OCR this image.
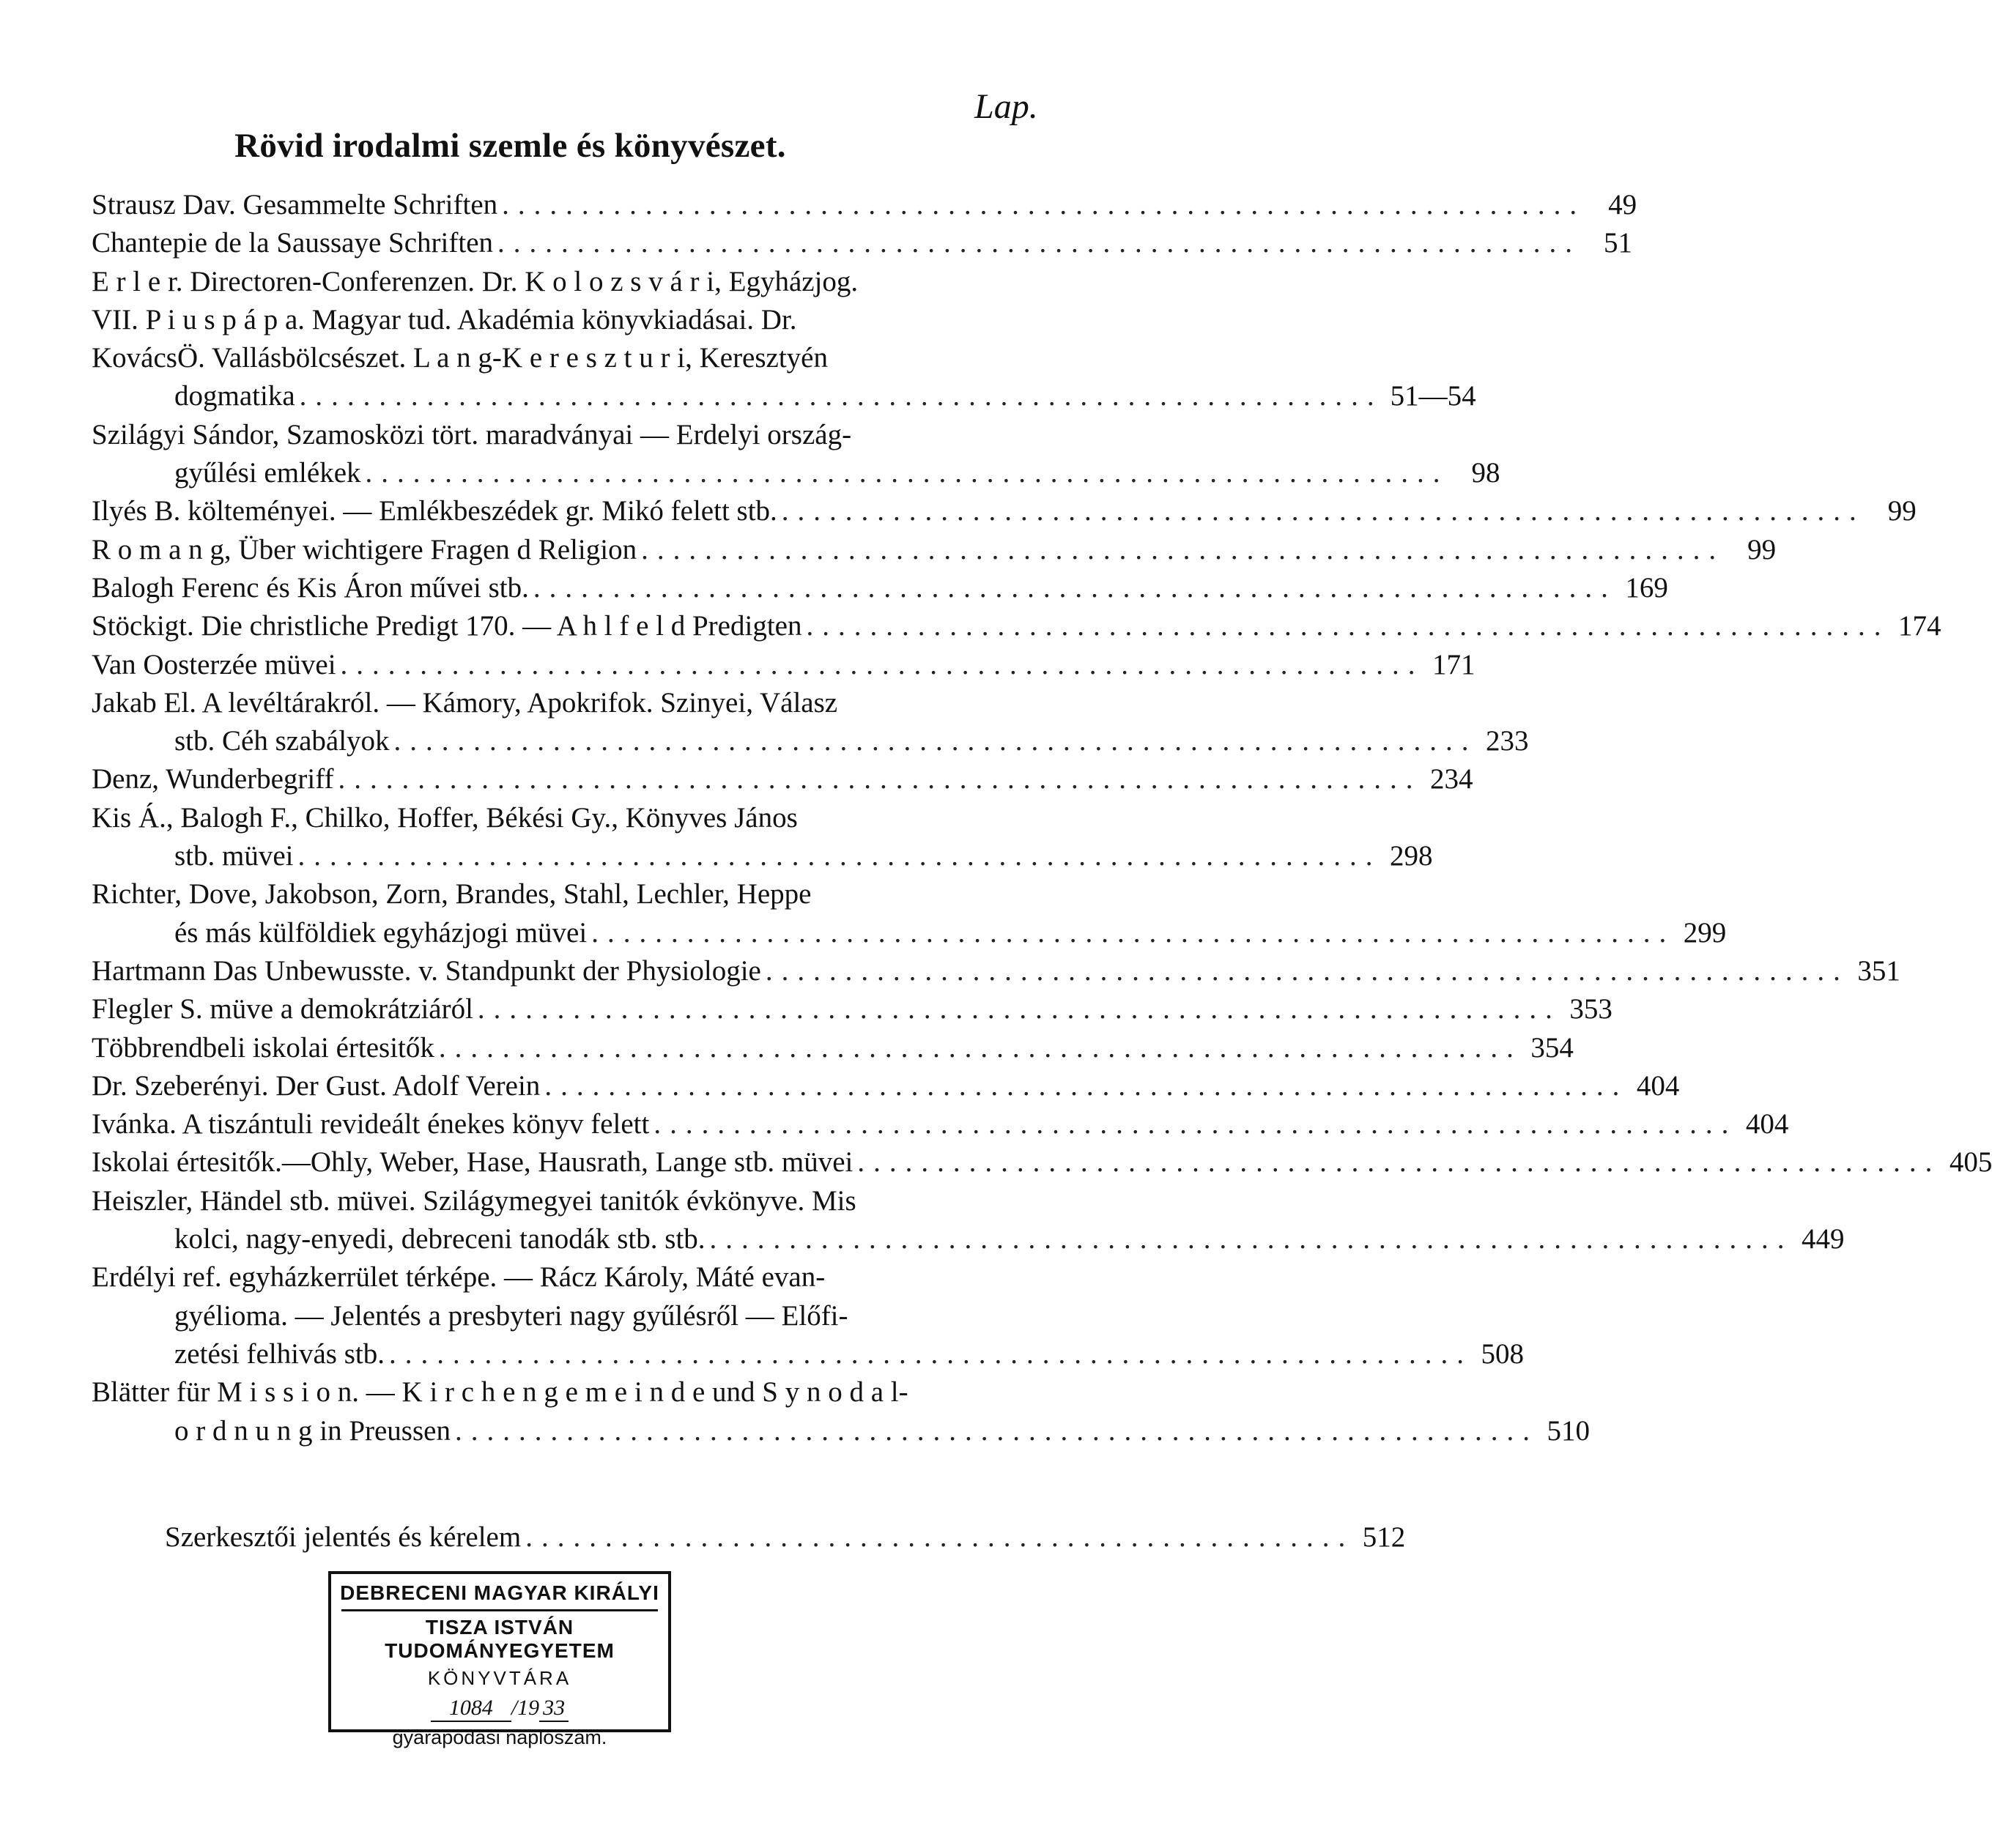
Lap.
Rövid irodalmi szemle és könyvészet.
Strausz Dav. Gesammelte Schriften .................................................................... 49
Chantepie de la Saussaye Schriften .................................................................... 51
E r l e r. Directoren-Conferenzen. Dr. K o l o z s v á r i, Egyházjog.
VII. P i u s p á p a. Magyar tud. Akadémia könyvkiadásai. Dr.
KovácsÖ. Vallásbölcsészet. L a n g-K e r e s z t u r i, Keresztyén
dogmatika .................................................................... 51—54
Szilágyi Sándor, Szamosközi tört. maradványai — Erdelyi ország-
gyűlési emlékek .................................................................... 98
Ilyés B. költeményei. — Emlékbeszédek gr. Mikó felett stb. .................................................................... 99
R o m a n g, Über wichtigere Fragen d Religion .................................................................... 99
Balogh Ferenc és Kis Áron művei stb. .................................................................... 169
Stöckigt. Die christliche Predigt 170. — A h l f e l d Predigten .................................................................... 174
Van Oosterzée müvei .................................................................... 171
Jakab El. A levéltárakról. — Kámory, Apokrifok. Szinyei, Válasz
stb. Céh szabályok .................................................................... 233
Denz, Wunderbegriff .................................................................... 234
Kis Á., Balogh F., Chilko, Hoffer, Békési Gy., Könyves János
stb. müvei .................................................................... 298
Richter, Dove, Jakobson, Zorn, Brandes, Stahl, Lechler, Heppe
és más külföldiek egyházjogi müvei .................................................................... 299
Hartmann Das Unbewusste. v. Standpunkt der Physiologie .................................................................... 351
Flegler S. müve a demokrátziáról .................................................................... 353
Többrendbeli iskolai értesitők .................................................................... 354
Dr. Szeberényi. Der Gust. Adolf Verein .................................................................... 404
Ivánka. A tiszántuli revideált énekes könyv felett .................................................................... 404
Iskolai értesitők.—Ohly, Weber, Hase, Hausrath, Lange stb. müvei .................................................................... 405
Heiszler, Händel stb. müvei. Szilágymegyei tanitók évkönyve. Mis
kolci, nagy-enyedi, debreceni tanodák stb. stb. .................................................................... 449
Erdélyi ref. egyházkerrület térképe. — Rácz Károly, Máté evan-
gyélioma. — Jelentés a presbyteri nagy gyűlésről — Előfi-
zetési felhivás stb. .................................................................... 508
Blätter für M i s s i o n. — K i r c h e n g e m e i n d e und S y n o d a l-
o r d n u n g in Preussen .................................................................... 510
Szerkesztői jelentés és kérelem .................................................... 512
DEBRECENI MAGYAR KIRÁLYI
TISZA ISTVÁN TUDOMÁNYEGYETEM
KÖNYVTÁRA
1084 /19 33
gyarapodási naplószám.
